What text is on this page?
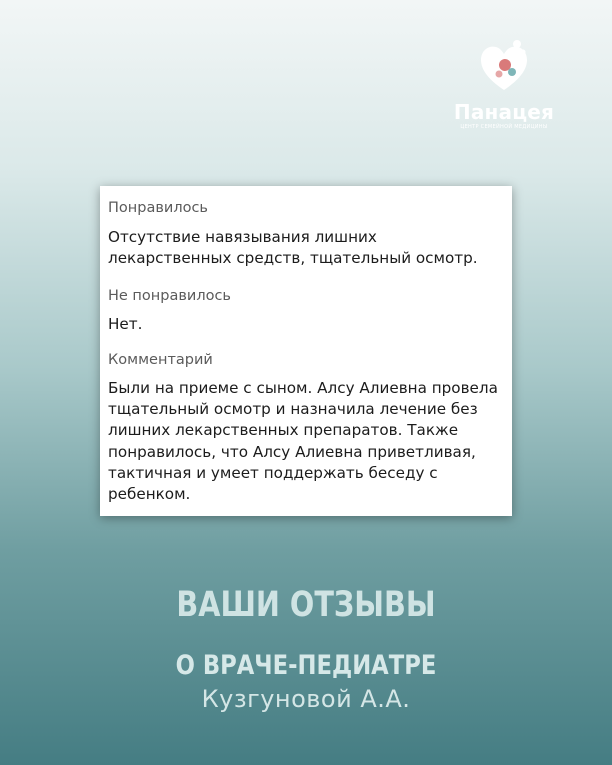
Панацея
ЦЕНТР СЕМЕЙНОЙ МЕДИЦИНЫ

Понравилось

Отсутствие навязывания лишних лекарственных средств, тщательный осмотр.

Не понравилось

Нет.

Комментарий

Были на приеме с сыном. Алсу Алиевна провела тщательный осмотр и назначила лечение без лишних лекарственных препаратов. Также понравилось, что Алсу Алиевна приветливая, тактичная и умеет поддержать беседу с ребенком.

ВАШИ ОТЗЫВЫ
О ВРАЧЕ-ПЕДИАТРЕ
Кузгуновой А.А.
